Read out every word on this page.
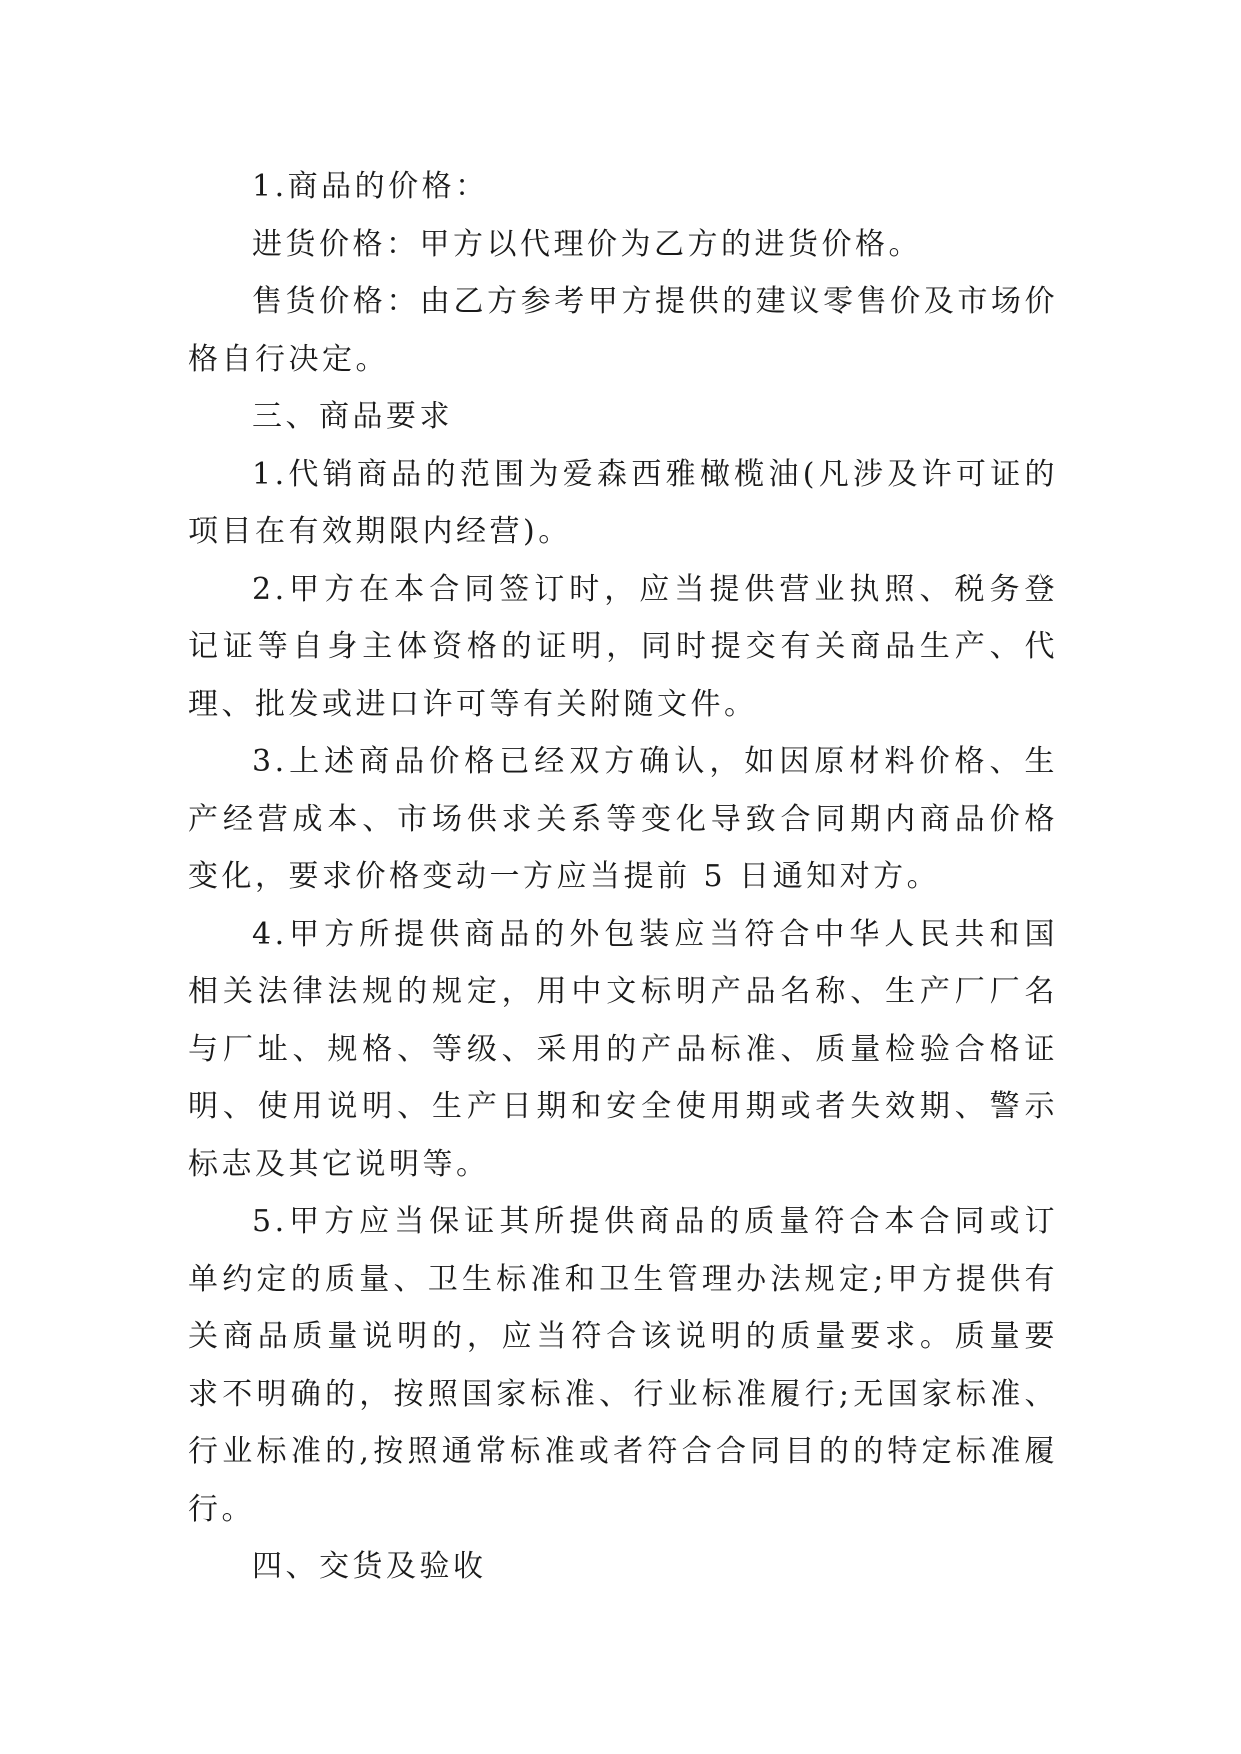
1.商品的价格：

进货价格：甲方以代理价为乙方的进货价格。

售货价格：由乙方参考甲方提供的建议零售价及市场价格自行决定。

三、商品要求

1.代销商品的范围为爱森西雅橄榄油(凡涉及许可证的项目在有效期限内经营)。

2.甲方在本合同签订时，应当提供营业执照、税务登记证等自身主体资格的证明，同时提交有关商品生产、代理、批发或进口许可等有关附随文件。

3.上述商品价格已经双方确认，如因原材料价格、生产经营成本、市场供求关系等变化导致合同期内商品价格变化，要求价格变动一方应当提前 5 日通知对方。

4.甲方所提供商品的外包装应当符合中华人民共和国相关法律法规的规定，用中文标明产品名称、生产厂厂名与厂址、规格、等级、采用的产品标准、质量检验合格证明、使用说明、生产日期和安全使用期或者失效期、警示标志及其它说明等。

5.甲方应当保证其所提供商品的质量符合本合同或订单约定的质量、卫生标准和卫生管理办法规定;甲方提供有关商品质量说明的，应当符合该说明的质量要求。质量要求不明确的，按照国家标准、行业标准履行;无国家标准、行业标准的,按照通常标准或者符合合同目的的特定标准履行。

四、交货及验收
